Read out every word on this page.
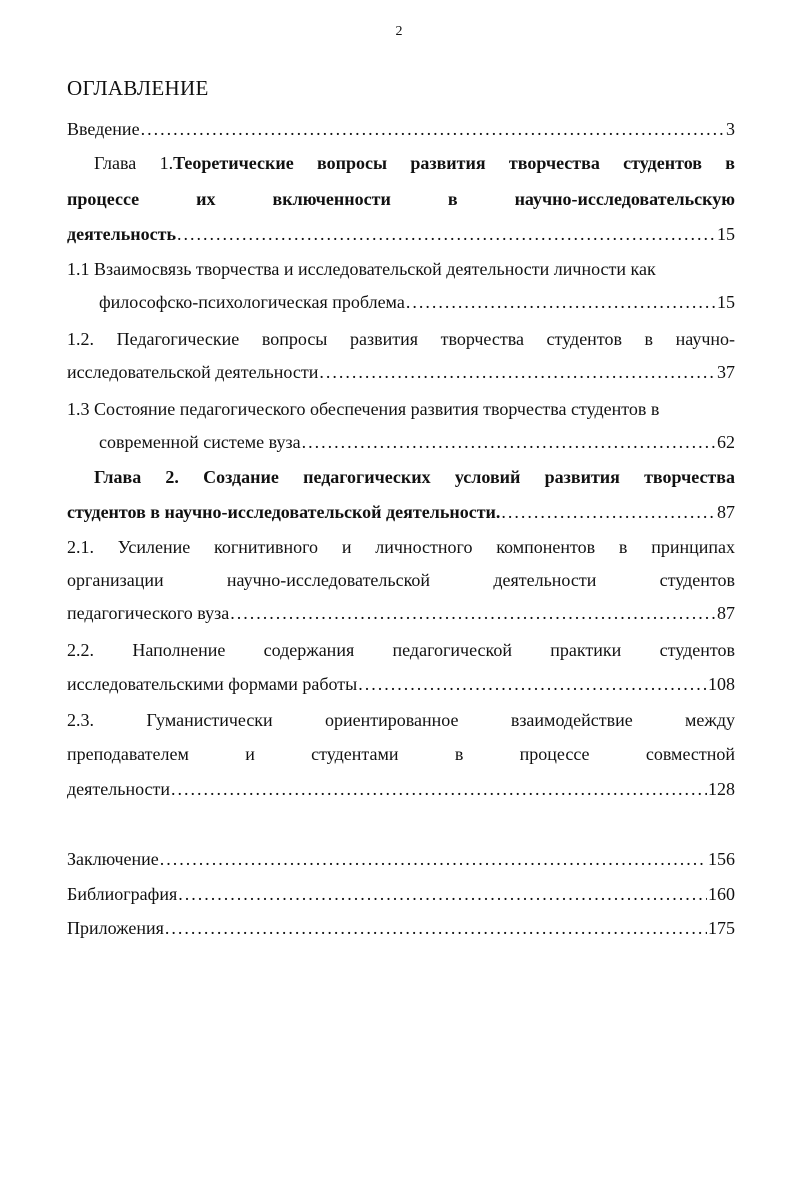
2
ОГЛАВЛЕНИЕ
Введение .....	3
Глава 1.Теоретические вопросы развития творчества студентов в
процессе	их	включенности	в	научно-исследовательскую
деятельность .....	15
1.1 Взаимосвязь творчества и исследовательской деятельности личности как
философско-психологическая проблема .....	15
1.2. Педагогические вопросы развития творчества студентов в научно-
исследовательской деятельности .....	37
1.3 Состояние педагогического обеспечения развития творчества студентов в
современной системе вуза .....	62
Глава 2. Создание педагогических условий развития творчества
студентов в научно-исследовательской деятельности. .....	87
2.1. Усиление когнитивного и личностного компонентов в принципах
организации научно-исследовательской деятельности студентов
педагогического вуза .....	87
2.2. Наполнение содержания педагогической практики студентов
исследовательскими формами работы .....	108
2.3. Гуманистически ориентированное взаимодействие между
преподавателем и студентами в процессе совместной
деятельности .....	128
Заключение .....	156
Библиография .....	160
Приложения .....	175
